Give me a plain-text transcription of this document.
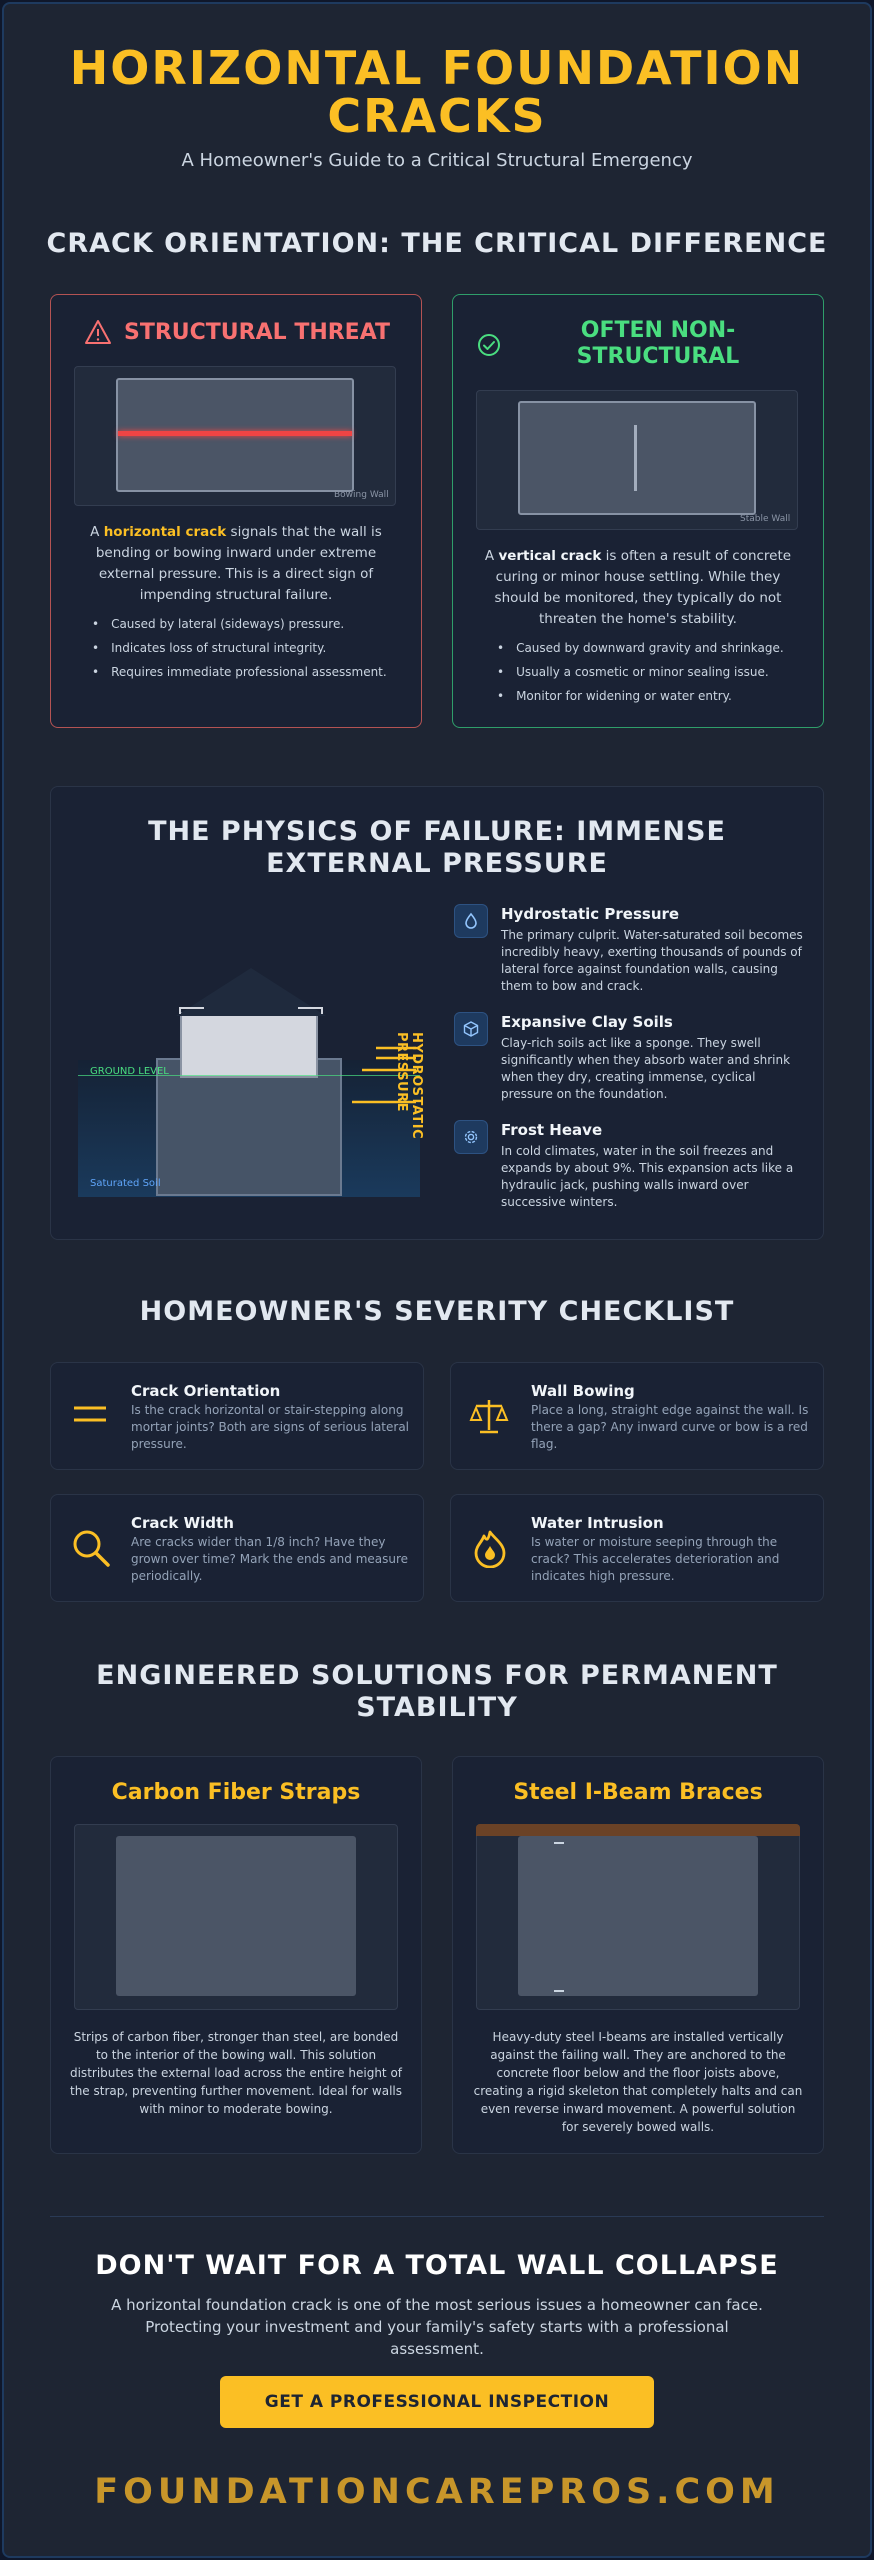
HORIZONTAL FOUNDATION
CRACKS
A Homeowner's Guide to a Critical Structural Emergency
CRACK ORIENTATION: THE CRITICAL DIFFERENCE
STRUCTURAL THREAT
Bowing Wall
A horizontal crack signals that the wall is
bending or bowing inward under extreme
external pressure. This is a direct sign of
impending structural failure.
• Caused by lateral (sideways) pressure.
• Indicates loss of structural integrity.
• Requires immediate professional assessment.
OFTEN NON-
STRUCTURAL
Stable Wall
A vertical crack is often a result of concrete
curing or minor house settling. While they
should be monitored, they typically do not
threaten the home's stability.
• Caused by downward gravity and shrinkage.
• Usually a cosmetic or minor sealing issue.
• Monitor for widening or water entry.
THE PHYSICS OF FAILURE: IMMENSE
EXTERNAL PRESSURE
GROUND LEVEL
Saturated Soil
HYDROSTATIC PRESSURE
Hydrostatic Pressure
The primary culprit. Water-saturated soil becomes
incredibly heavy, exerting thousands of pounds of
lateral force against foundation walls, causing
them to bow and crack.
Expansive Clay Soils
Clay-rich soils act like a sponge. They swell
significantly when they absorb water and shrink
when they dry, creating immense, cyclical
pressure on the foundation.
Frost Heave
In cold climates, water in the soil freezes and
expands by about 9%. This expansion acts like a
hydraulic jack, pushing walls inward over
successive winters.
HOMEOWNER'S SEVERITY CHECKLIST
Crack Orientation
Is the crack horizontal or stair-stepping along
mortar joints? Both are signs of serious lateral
pressure.
Wall Bowing
Place a long, straight edge against the wall. Is
there a gap? Any inward curve or bow is a red
flag.
Crack Width
Are cracks wider than 1/8 inch? Have they
grown over time? Mark the ends and measure
periodically.
Water Intrusion
Is water or moisture seeping through the
crack? This accelerates deterioration and
indicates high pressure.
ENGINEERED SOLUTIONS FOR PERMANENT
STABILITY
Carbon Fiber Straps
Strips of carbon fiber, stronger than steel, are bonded
to the interior of the bowing wall. This solution
distributes the external load across the entire height of
the strap, preventing further movement. Ideal for walls
with minor to moderate bowing.
Steel I-Beam Braces
Heavy-duty steel I-beams are installed vertically
against the failing wall. They are anchored to the
concrete floor below and the floor joists above,
creating a rigid skeleton that completely halts and can
even reverse inward movement. A powerful solution
for severely bowed walls.
DON'T WAIT FOR A TOTAL WALL COLLAPSE
A horizontal foundation crack is one of the most serious issues a homeowner can face.
Protecting your investment and your family's safety starts with a professional
assessment.
GET A PROFESSIONAL INSPECTION
FOUNDATIONCAREPROS.COM
